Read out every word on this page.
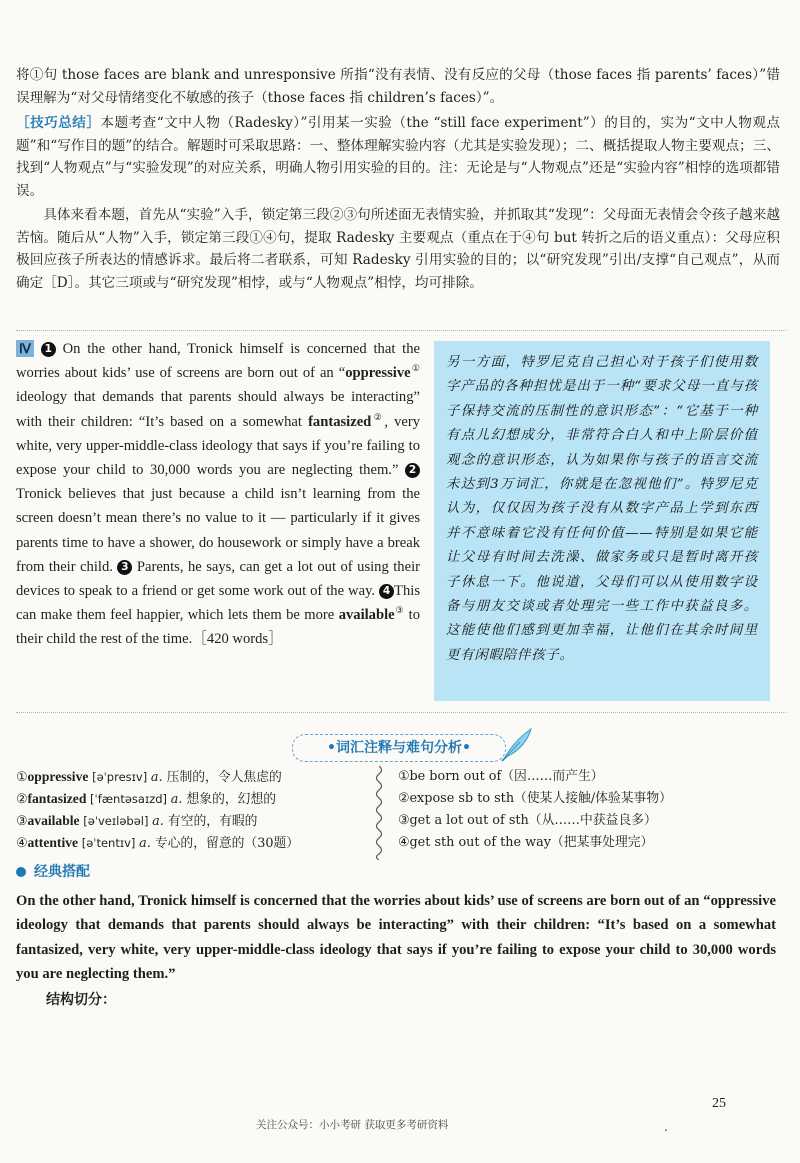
将①句 those faces are blank and unresponsive 所指“没有表情、没有反应的父母（those faces 指 parents’ faces）”错误理解为“对父母情绪变化不敏感的孩子（those faces 指 children’s faces）”。
［技巧总结］本题考查“文中人物（Radesky）”引用某一实验（the “still face experiment”）的目的，实为“文中人物观点题”和“写作目的题”的结合。解题时可采取思路：一、整体理解实验内容（尤其是实验发现）；二、概括提取人物主要观点；三、找到“人物观点”与“实验发现”的对应关系，明确人物引用实验的目的。注：无论是与“人物观点”还是“实验内容”相悖的选项都错误。
具体来看本题，首先从“实验”入手，锁定第三段②③句所述面无表情实验，并抓取其“发现”：父母面无表情会令孩子越来越苦恼。随后从“人物”入手，锁定第三段①④句，提取 Radesky 主要观点（重点在于④句 but 转折之后的语义重点）：父母应积极回应孩子所表达的情感诉求。最后将二者联系，可知 Radesky 引用实验的目的；以“研究发现”引出/支撑“自己观点”，从而确定［D］。其它三项或与“研究发现”相悖，或与“人物观点”相悖，均可排除。
Ⅳ 1 On the other hand, Tronick himself is concerned that the worries about kids’ use of screens are born out of an “oppressive① ideology that demands that parents should always be interacting” with their children: “It’s based on a somewhat fantasized②, very white, very upper-middle-class ideology that says if you’re failing to expose your child to 30,000 words you are neglecting them.” 2Tronick believes that just because a child isn’t learning from the screen doesn’t mean there’s no value to it — particularly if it gives parents time to have a shower, do housework or simply have a break from their child. 3 Parents, he says, can get a lot out of using their devices to speak to a friend or get some work out of the way. 4 This can make them feel happier, which lets them be more available③ to their child the rest of the time.［420 words］
另一方面，特罗尼克自己担心对于孩子们使用数字产品的各种担忧是出于一种“要求父母一直与孩子保持交流的压制性的意识形态”：“它基于一种有点儿幻想成分，非常符合白人和中上阶层价值观念的意识形态，认为如果你与孩子的语言交流未达到3万词汇，你就是在忽视他们”。特罗尼克认为，仅仅因为孩子没有从数字产品上学到东西并不意味着它没有任何价值——特别是如果它能让父母有时间去洗澡、做家务或只是暂时离开孩子休息一下。他说道，父母们可以从使用数字设备与朋友交谈或者处理完一些工作中获益良多。这能使他们感到更加幸福，让他们在其余时间里更有闲暇陪伴孩子。
•词汇注释与难句分析•
①oppressive [əˈpresɪv] a. 压制的，令人焦虑的
②fantasized [ˈfæntəsaɪzd] a. 想象的，幻想的
③available [əˈveɪləbəl] a. 有空的，有暇的
④attentive [əˈtentɪv] a. 专心的，留意的（30题）
①be born out of（因……而产生）
②expose sb to sth（使某人接触/体验某事物）
③get a lot out of sth（从……中获益良多）
④get sth out of the way（把某事处理完）
经典搭配
On the other hand, Tronick himself is concerned that the worries about kids’ use of screens are born out of an “oppressive ideology that demands that parents should always be interacting” with their children: “It’s based on a somewhat fantasized, very white, very upper-middle-class ideology that says if you’re failing to expose your child to 30,000 words you are neglecting them.”
结构切分：
25
关注公众号：小小考研 获取更多考研资料	.
